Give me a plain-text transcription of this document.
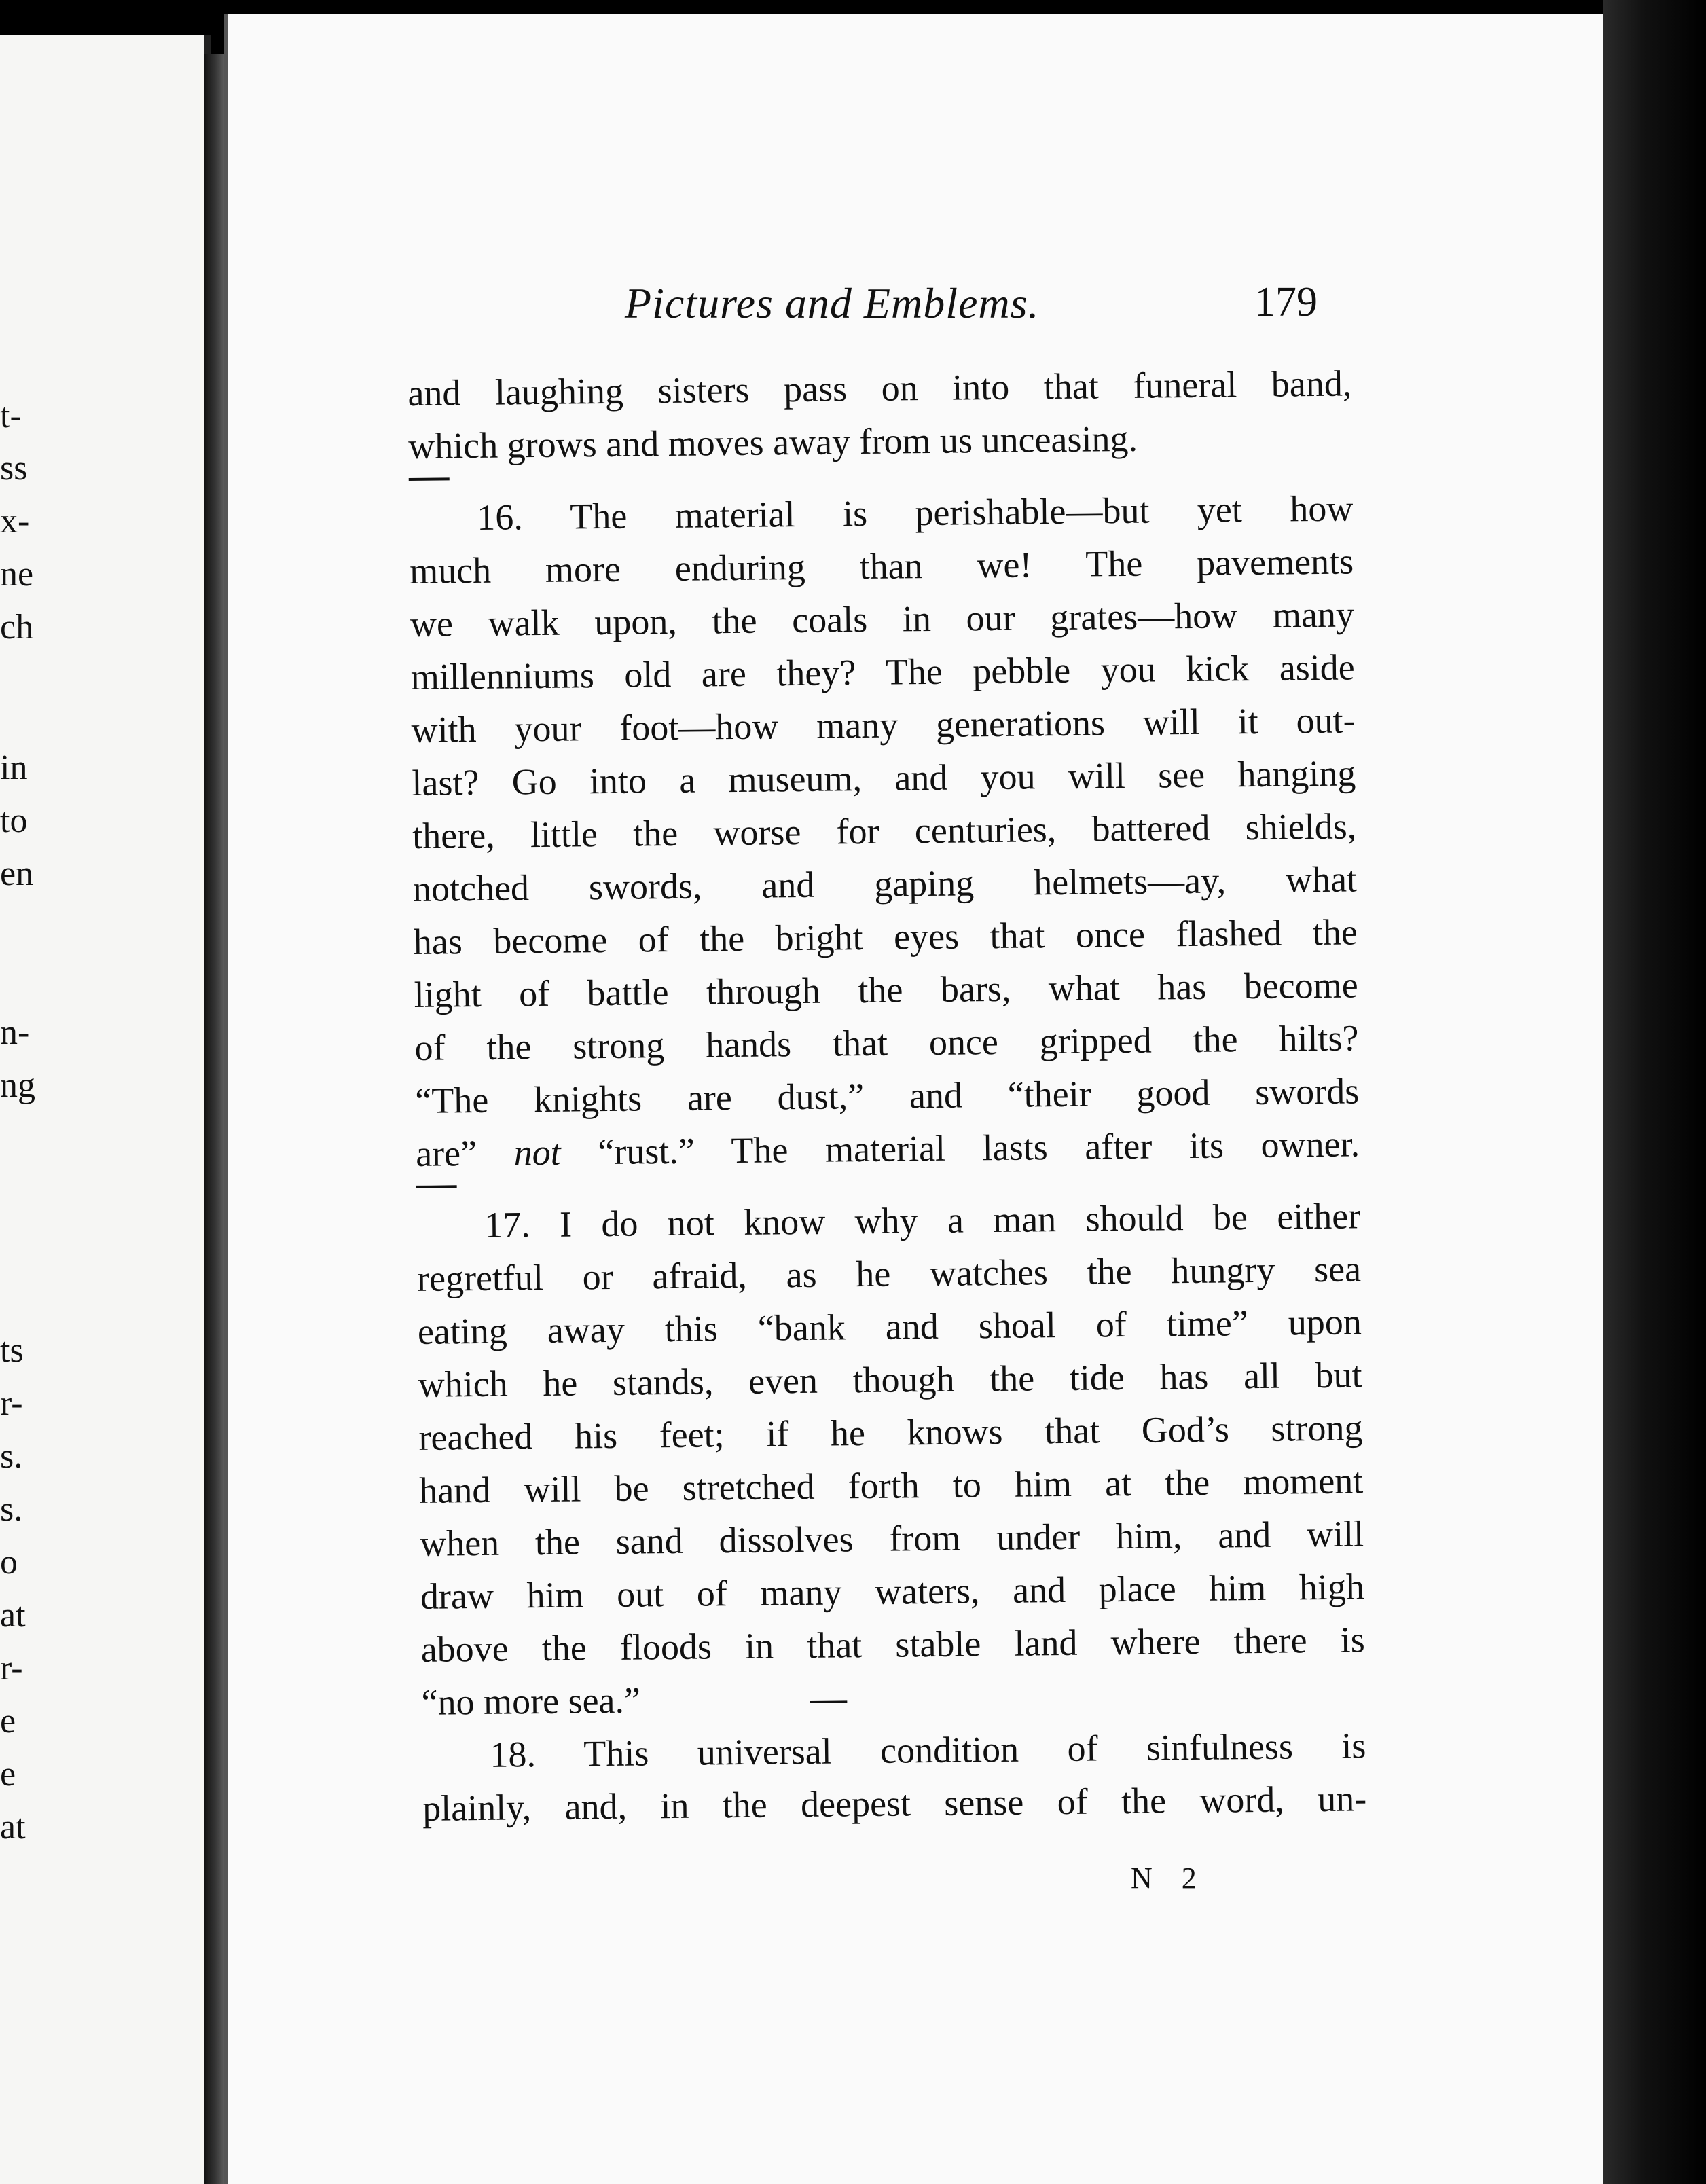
t-
ss
x-
ne
ch
in
to
en
n-
ng
ts
r-
s.
s.
o
at
r-
e
e
at
Pictures and Emblems.	179

and laughing sisters pass on into that funeral band,
which grows and moves away from us unceasing.

16. The material is perishable—but yet how
much more enduring than we! The pavements
we walk upon, the coals in our grates—how many
millenniums old are they? The pebble you kick aside
with your foot—how many generations will it out-
last? Go into a museum, and you will see hanging
there, little the worse for centuries, battered shields,
notched swords, and gaping helmets—ay, what
has become of the bright eyes that once flashed the
light of battle through the bars, what has become
of the strong hands that once gripped the hilts?
“The knights are dust,” and “their good swords
are” not “rust.” The material lasts after its owner.

17. I do not know why a man should be either
regretful or afraid, as he watches the hungry sea
eating away this “bank and shoal of time” upon
which he stands, even though the tide has all but
reached his feet; if he knows that God’s strong
hand will be stretched forth to him at the moment
when the sand dissolves from under him, and will
draw him out of many waters, and place him high
above the floods in that stable land where there is
“no more sea.”	—

18. This universal condition of sinfulness is
plainly, and, in the deepest sense of the word, un-

N 2
